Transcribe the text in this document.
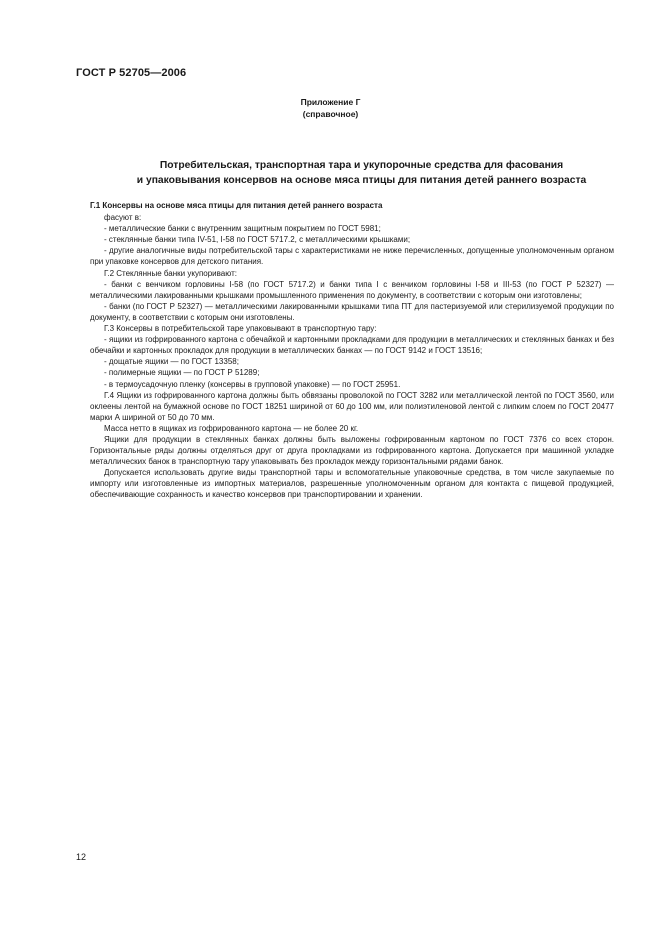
ГОСТ Р 52705—2006
Приложение Г
(справочное)
Потребительская, транспортная тара и укупорочные средства для фасования
и упаковывания консервов на основе мяса птицы для питания детей раннего возраста

Г.1 Консервы на основе мяса птицы для питания детей раннего возраста

фасуют в:

- металлические банки с внутренним защитным покрытием по ГОСТ 5981;

- стеклянные банки типа IV-51, I-58 по ГОСТ 5717.2, с металлическими крышками;

- другие аналогичные виды потребительской тары с характеристиками не ниже перечисленных, допущенные уполномоченным органом при упаковке консервов для детского питания.

Г.2 Стеклянные банки укупоривают:

- банки с венчиком горловины I-58 (по ГОСТ 5717.2) и банки типа I с венчиком горловины I-58 и III-53 (по ГОСТ Р 52327) — металлическими лакированными крышками промышленного применения по документу, в соответствии с которым они изготовлены;

- банки (по ГОСТ Р 52327) — металлическими лакированными крышками типа ПТ для пастеризуемой или стерилизуемой продукции по документу, в соответствии с которым они изготовлены.

Г.3 Консервы в потребительской таре упаковывают в транспортную тару:

- ящики из гофрированного картона с обечайкой и картонными прокладками для продукции в металлических и стеклянных банках и без обечайки и картонных прокладок для продукции в металлических банках — по ГОСТ 9142 и ГОСТ 13516;

- дощатые ящики — по ГОСТ 13358;

- полимерные ящики — по ГОСТ Р 51289;

- в термоусадочную пленку (консервы в групповой упаковке) — по ГОСТ 25951.

Г.4 Ящики из гофрированного картона должны быть обвязаны проволокой по ГОСТ 3282 или металлической лентой по ГОСТ 3560, или оклеены лентой на бумажной основе по ГОСТ 18251 шириной от 60 до 100 мм, или полиэтиленовой лентой с липким слоем по ГОСТ 20477 марки А шириной от 50 до 70 мм.

Масса нетто в ящиках из гофрированного картона — не более 20 кг.

Ящики для продукции в стеклянных банках должны быть выложены гофрированным картоном по ГОСТ 7376 со всех сторон. Горизонтальные ряды должны отделяться друг от друга прокладками из гофрированного картона. Допускается при машинной укладке металлических банок в транспортную тару упаковывать без прокладок между горизонтальными рядами банок.

Допускается использовать другие виды транспортной тары и вспомогательные упаковочные средства, в том числе закупаемые по импорту или изготовленные из импортных материалов, разрешенные уполномоченным органом для контакта с пищевой продукцией, обеспечивающие сохранность и качество консервов при транспортировании и хранении.

12
